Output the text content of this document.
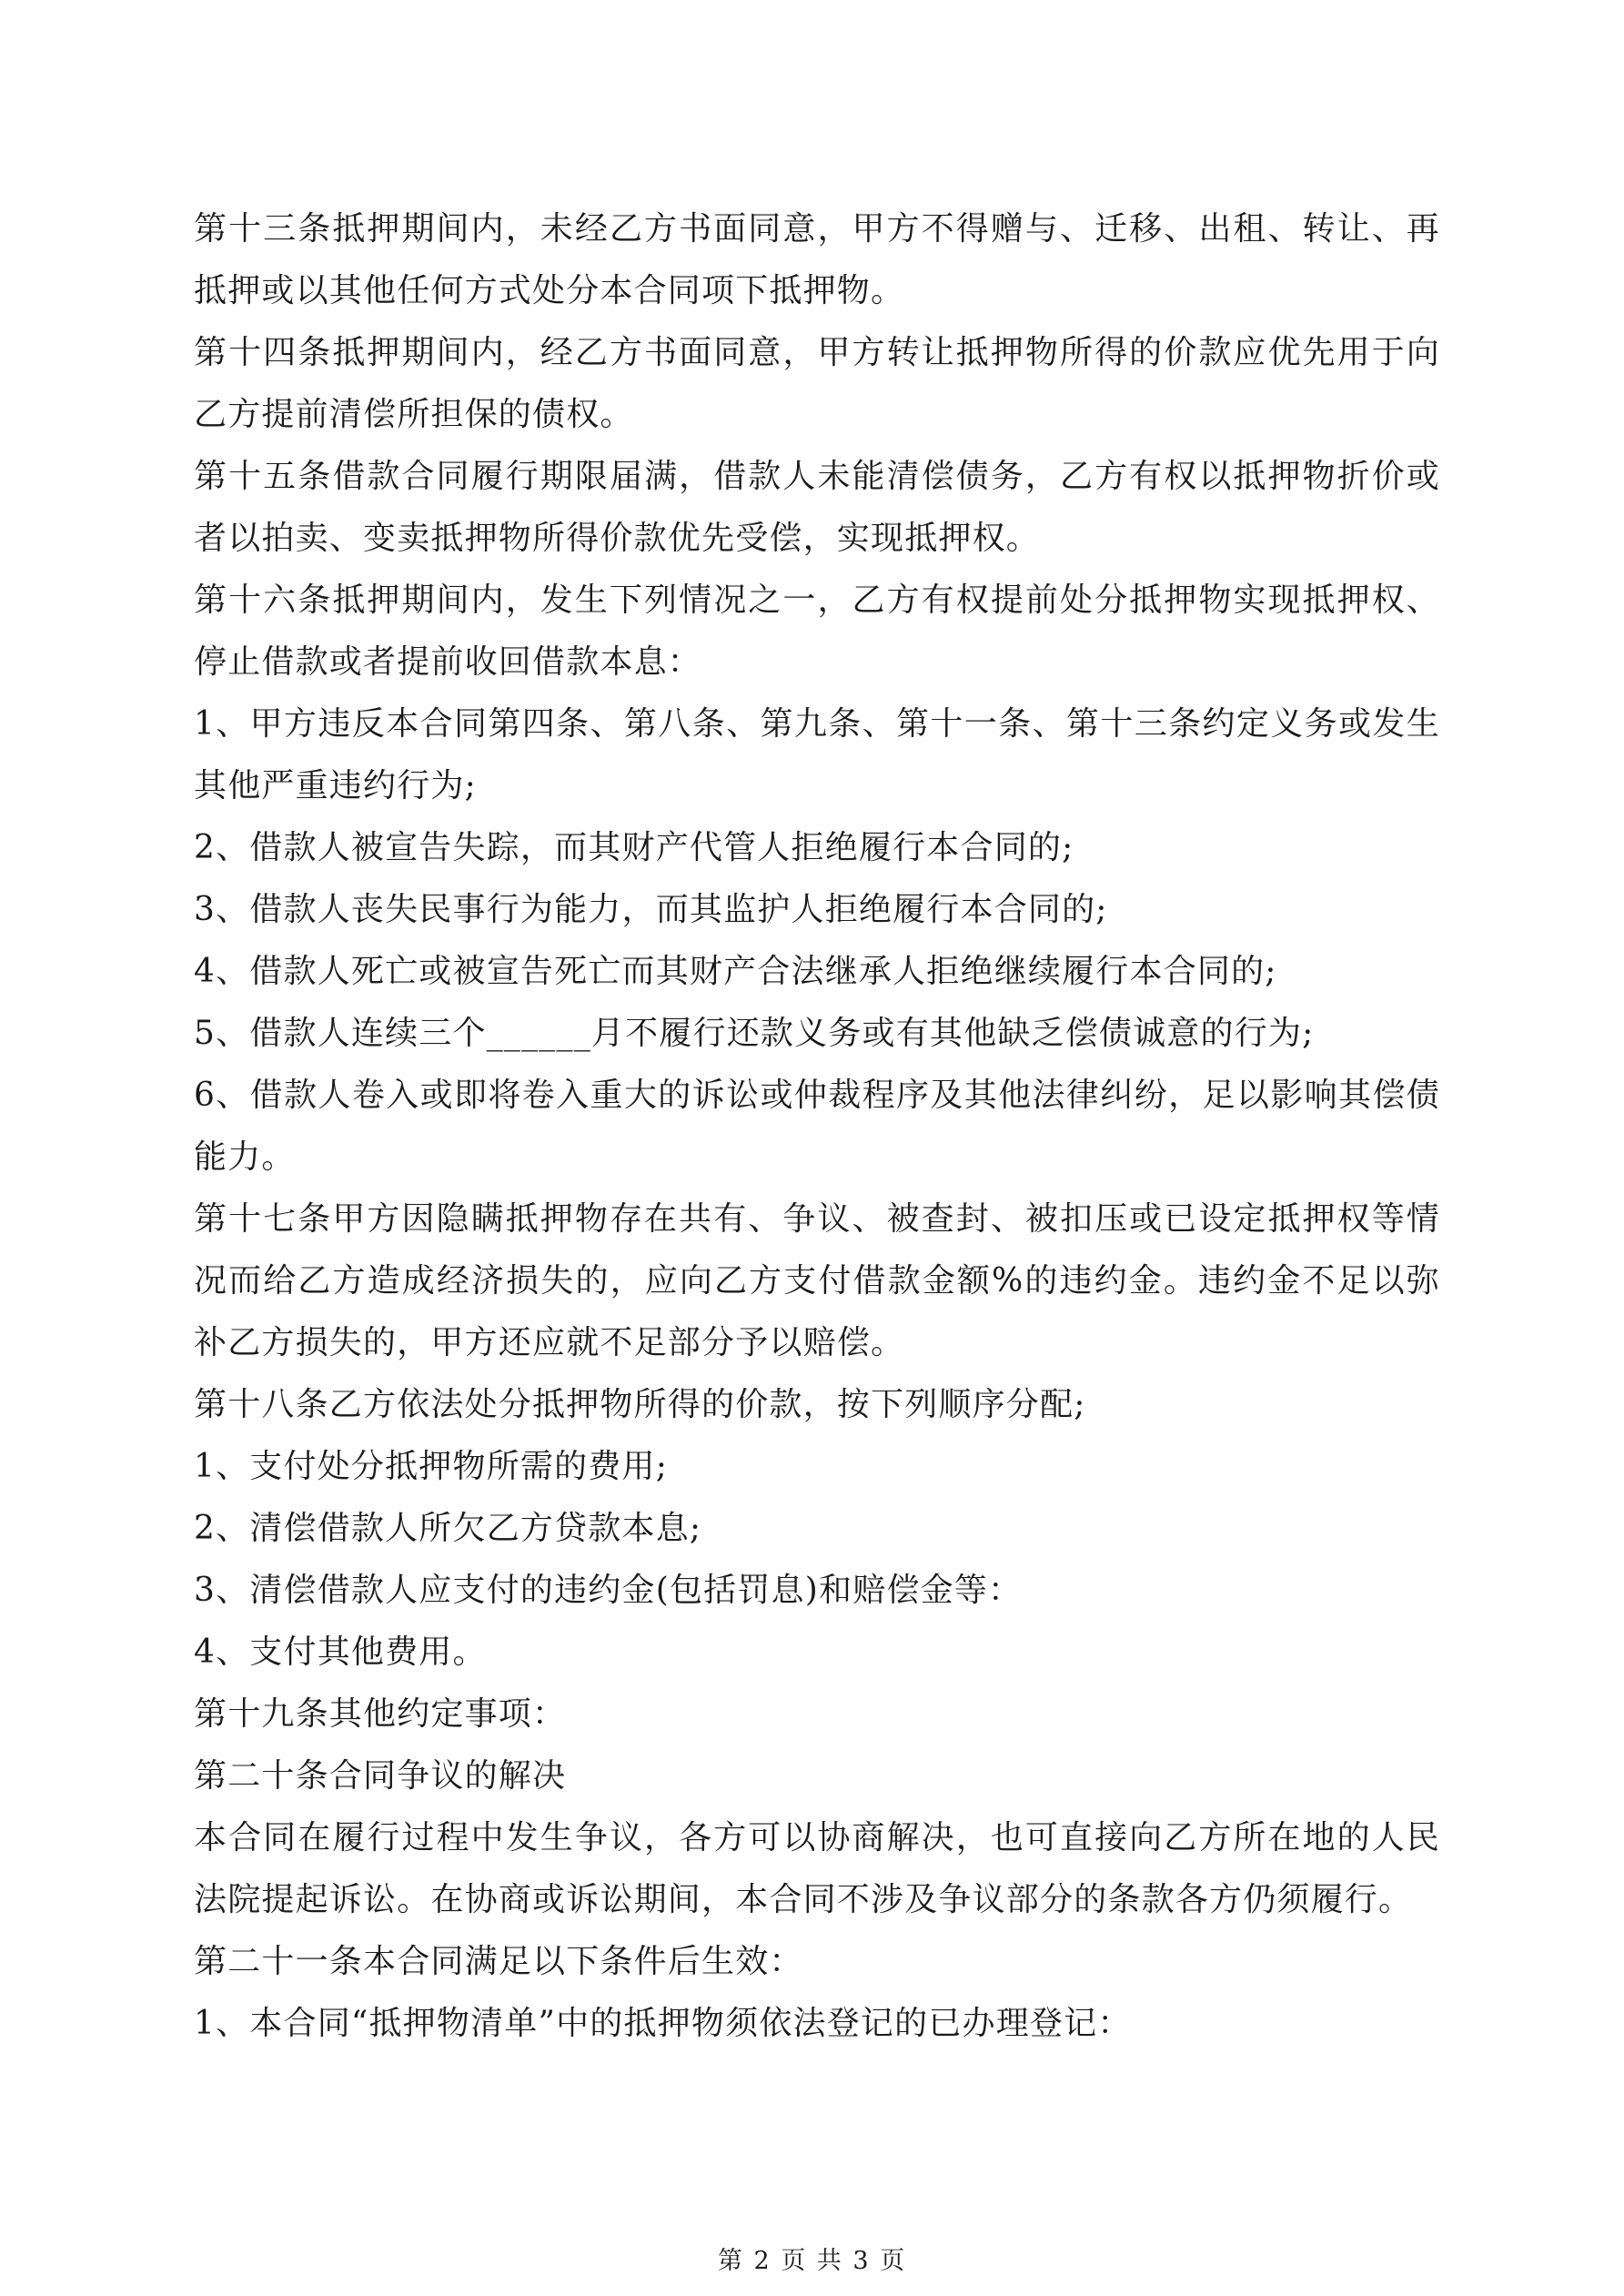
第十三条抵押期间内，未经乙方书面同意，甲方不得赠与、迁移、出租、转让、再抵押或以其他任何方式处分本合同项下抵押物。

第十四条抵押期间内，经乙方书面同意，甲方转让抵押物所得的价款应优先用于向乙方提前清偿所担保的债权。

第十五条借款合同履行期限届满，借款人未能清偿债务，乙方有权以抵押物折价或者以拍卖、变卖抵押物所得价款优先受偿，实现抵押权。

第十六条抵押期间内，发生下列情况之一，乙方有权提前处分抵押物实现抵押权、停止借款或者提前收回借款本息：

1、甲方违反本合同第四条、第八条、第九条、第十一条、第十三条约定义务或发生其他严重违约行为;

2、借款人被宣告失踪，而其财产代管人拒绝履行本合同的;

3、借款人丧失民事行为能力，而其监护人拒绝履行本合同的;

4、借款人死亡或被宣告死亡而其财产合法继承人拒绝继续履行本合同的;

5、借款人连续三个______月不履行还款义务或有其他缺乏偿债诚意的行为;

6、借款人卷入或即将卷入重大的诉讼或仲裁程序及其他法律纠纷，足以影响其偿债能力。

第十七条甲方因隐瞒抵押物存在共有、争议、被查封、被扣压或已设定抵押权等情况而给乙方造成经济损失的，应向乙方支付借款金额%的违约金。违约金不足以弥补乙方损失的，甲方还应就不足部分予以赔偿。

第十八条乙方依法处分抵押物所得的价款，按下列顺序分配;

1、支付处分抵押物所需的费用;

2、清偿借款人所欠乙方贷款本息;

3、清偿借款人应支付的违约金(包括罚息)和赔偿金等：

4、支付其他费用。

第十九条其他约定事项：

第二十条合同争议的解决

本合同在履行过程中发生争议，各方可以协商解决，也可直接向乙方所在地的人民法院提起诉讼。在协商或诉讼期间，本合同不涉及争议部分的条款各方仍须履行。

第二十一条本合同满足以下条件后生效：

1、本合同“抵押物清单”中的抵押物须依法登记的已办理登记：

第 2 页 共 3 页
